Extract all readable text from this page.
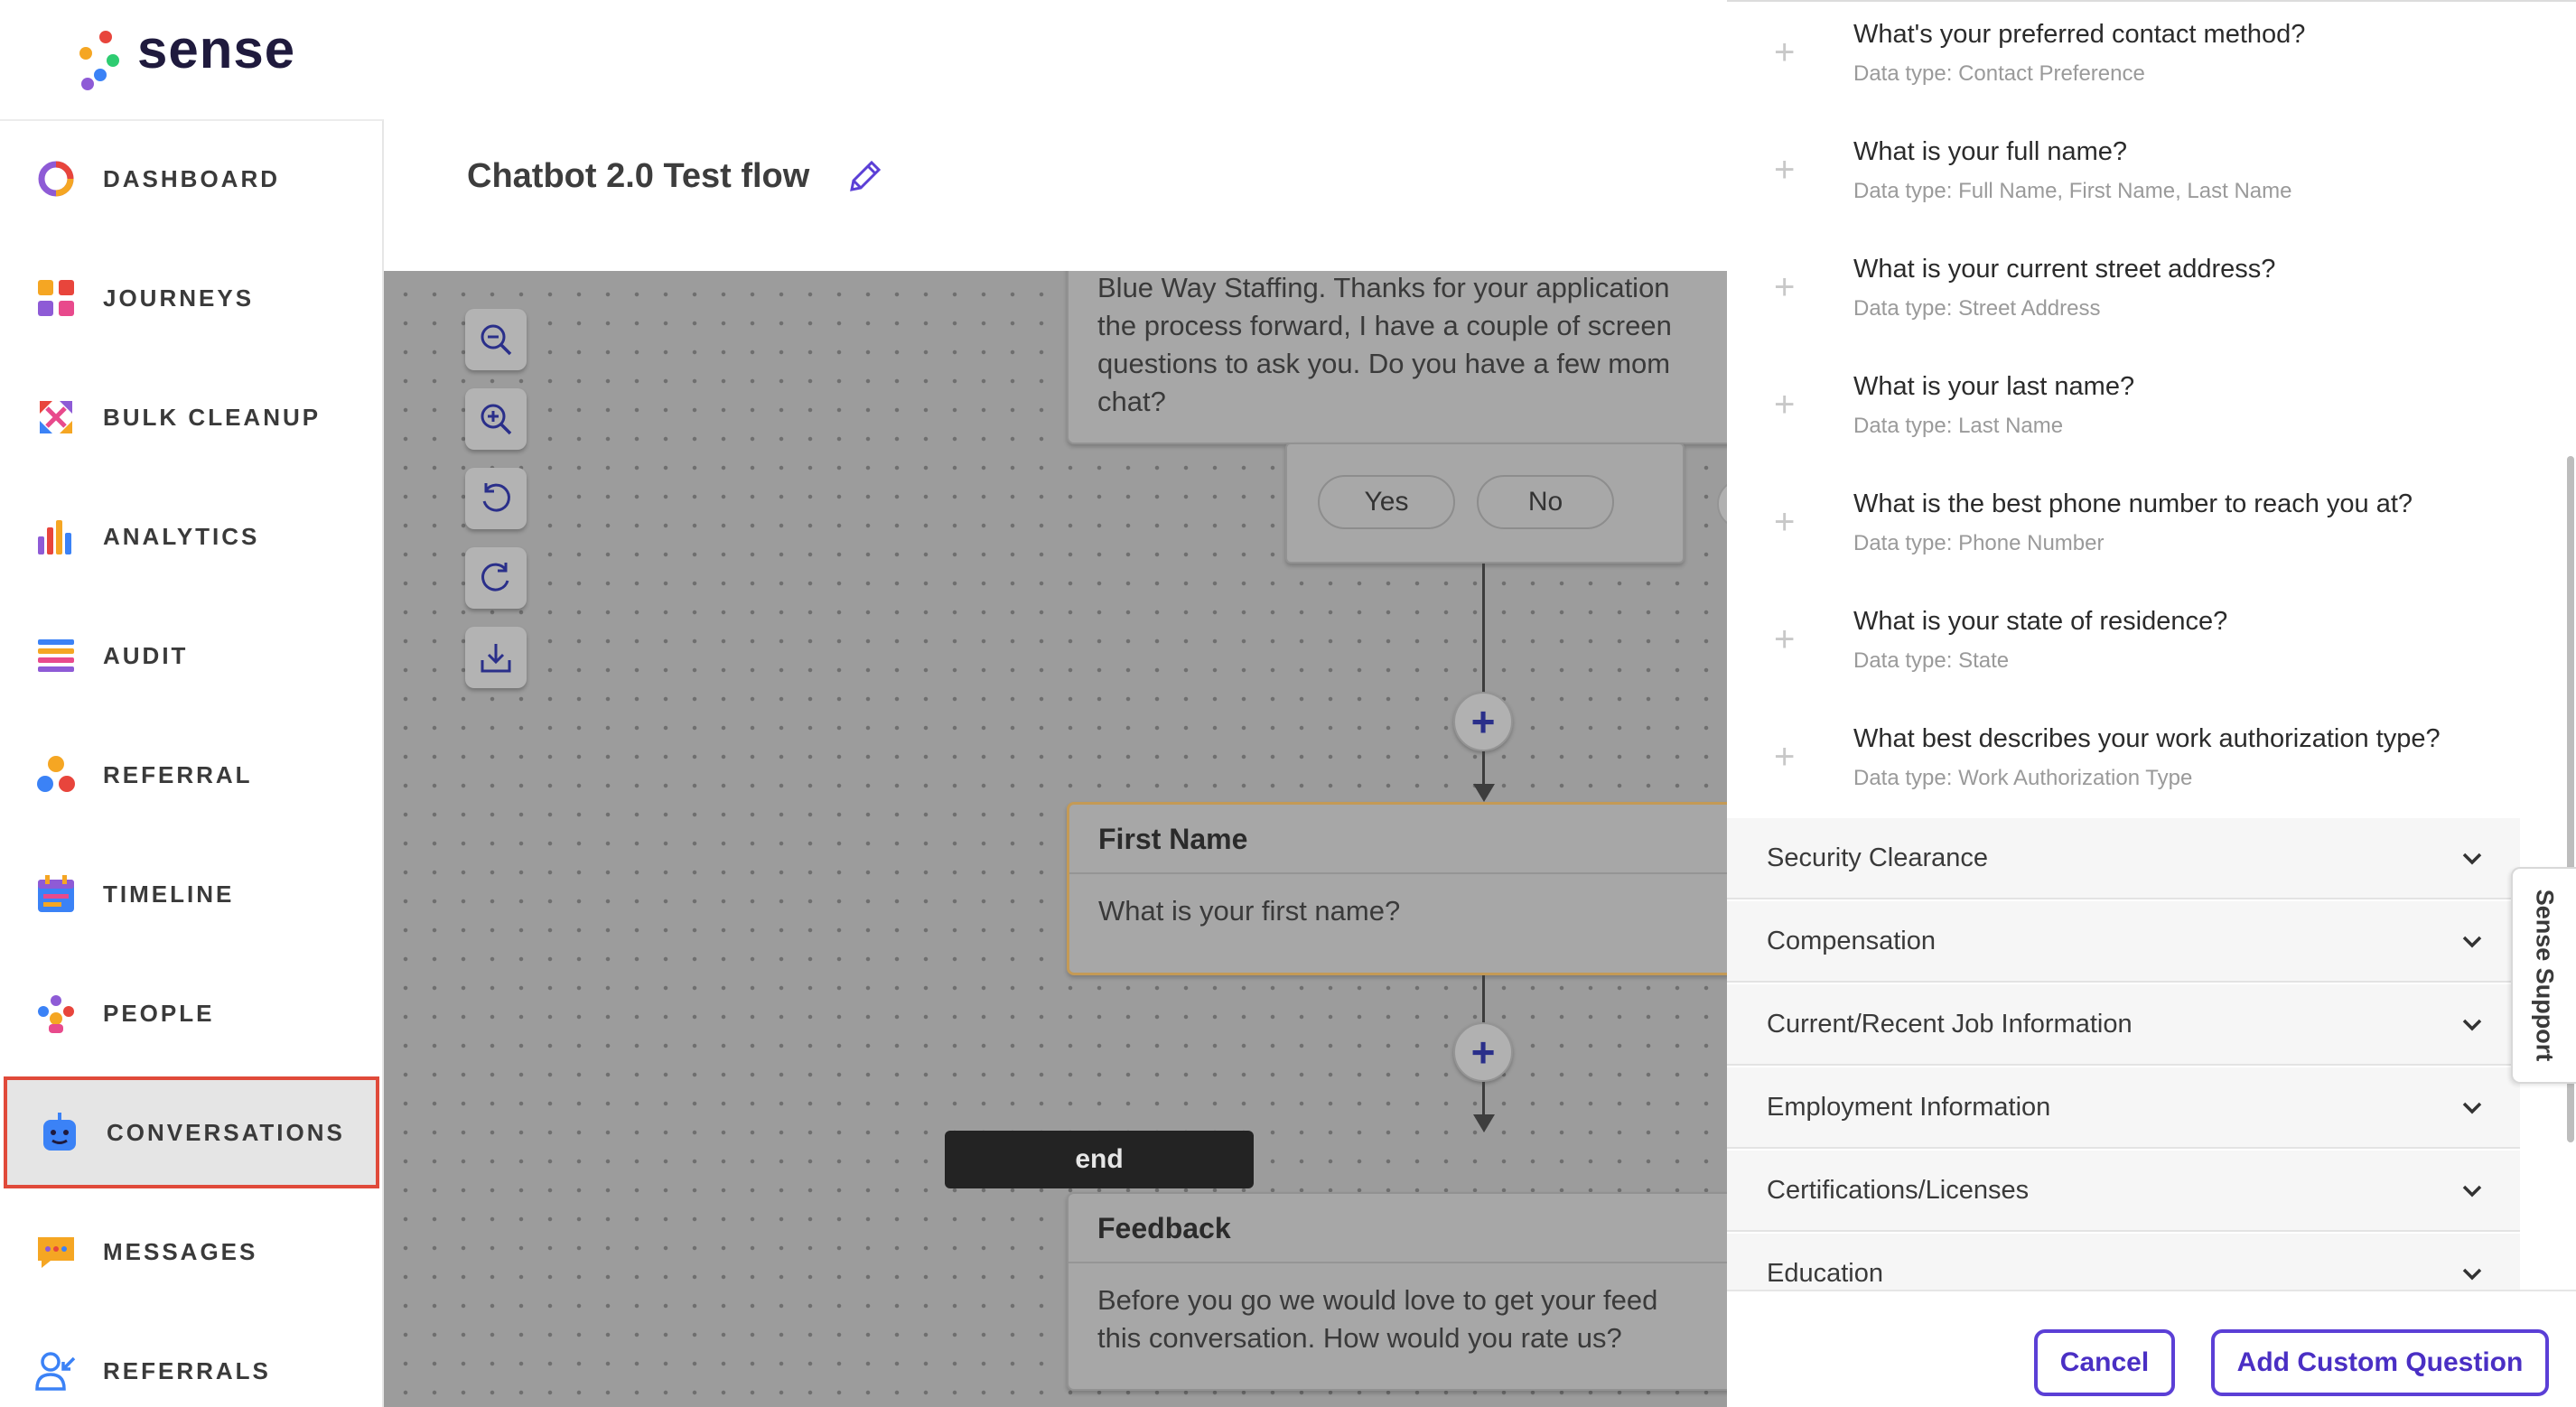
sense
DASHBOARD
JOURNEYS
BULK CLEANUP
ANALYTICS
AUDIT
REFERRAL
TIMELINE
PEOPLE
CONVERSATIONS
MESSAGES
REFERRALS
Chatbot 2.0 Test flow
Blue Way Staffing. Thanks for your application
the process forward, I have a couple of screen
questions to ask you. Do you have a few mom
chat?
Yes	No
+
First Name
What is your first name?
+
end
Feedback
Before you go we would love to get your feed
this conversation. How would you rate us?
+ What's your preferred contact method?
Data type: Contact Preference
+ What is your full name?
Data type: Full Name, First Name, Last Name
+ What is your current street address?
Data type: Street Address
+ What is your last name?
Data type: Last Name
+ What is the best phone number to reach you at?
Data type: Phone Number
+ What is your state of residence?
Data type: State
+ What best describes your work authorization type?
Data type: Work Authorization Type
Security Clearance
Compensation
Current/Recent Job Information
Employment Information
Certifications/Licenses
Education
Sense Support
Cancel	Add Custom Question
